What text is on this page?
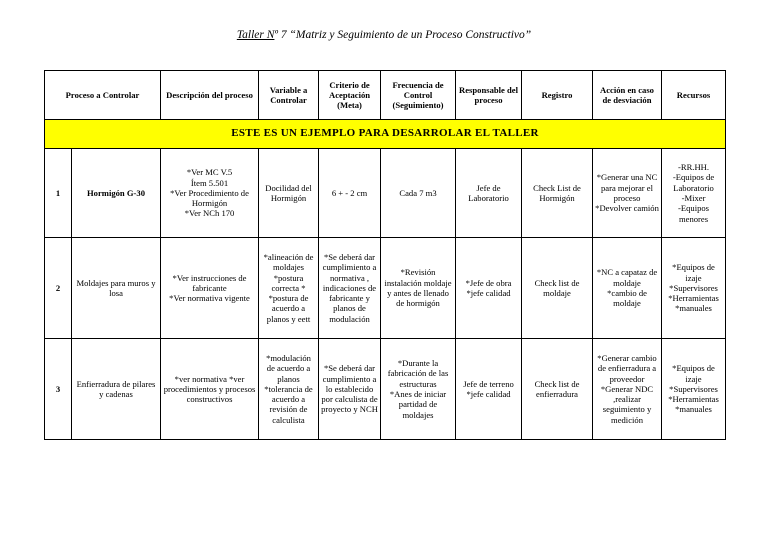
Taller Nº 7 “Matriz y Seguimiento de un Proceso Constructivo”
Proceso a Controlar		Descripción del proceso	Variable a Controlar	Criterio de Aceptación (Meta)	Frecuencia de Control (Seguimiento)	Responsable del proceso	Registro	Acción en caso de desviación	Recursos
ESTE ES UN EJEMPLO PARA DESARROLAR EL TALLER									
1	Hormigón G-30	*Ver MC V.5
Ítem 5.501
*Ver Procedimiento de Hormigón
*Ver NCh 170	Docilidad del Hormigón	6 + - 2 cm	Cada 7 m3	Jefe de Laboratorio	Check List de Hormigón	*Generar una NC para mejorar el proceso
*Devolver camión	-RR.HH.
-Equipos de Laboratorio
-Mixer
-Equipos menores
2	Moldajes para muros y losa	*Ver instrucciones de fabricante
*Ver normativa vigente	*alineación de moldajes
*postura correcta *
*postura de acuerdo a planos y eett	*Se deberá dar cumplimiento a normativa , indicaciones de fabricante y planos de modulación	*Revisión instalación moldaje y antes de llenado de hormigón	*Jefe de obra
*jefe calidad	Check list de moldaje	*NC a capataz de moldaje
*cambio de moldaje	*Equipos de izaje
*Supervisores
*Herramientas
*manuales
3	Enfierradura de pilares y cadenas	*ver normativa *ver procedimientos y procesos constructivos	*modulación de acuerdo a planos
*tolerancia de acuerdo a revisión de calculista	*Se deberá dar cumplimiento a lo establecido por calculista de proyecto y NCH	*Durante la fabricación de las estructuras
*Anes de iniciar partidad de moldajes	Jefe de terreno
*jefe calidad	Check list de enfierradura	*Generar cambio de enfierradura a proveedor
*Generar NDC ,realizar seguimiento y medición	*Equipos de izaje
*Supervisores
*Herramientas
*manuales
